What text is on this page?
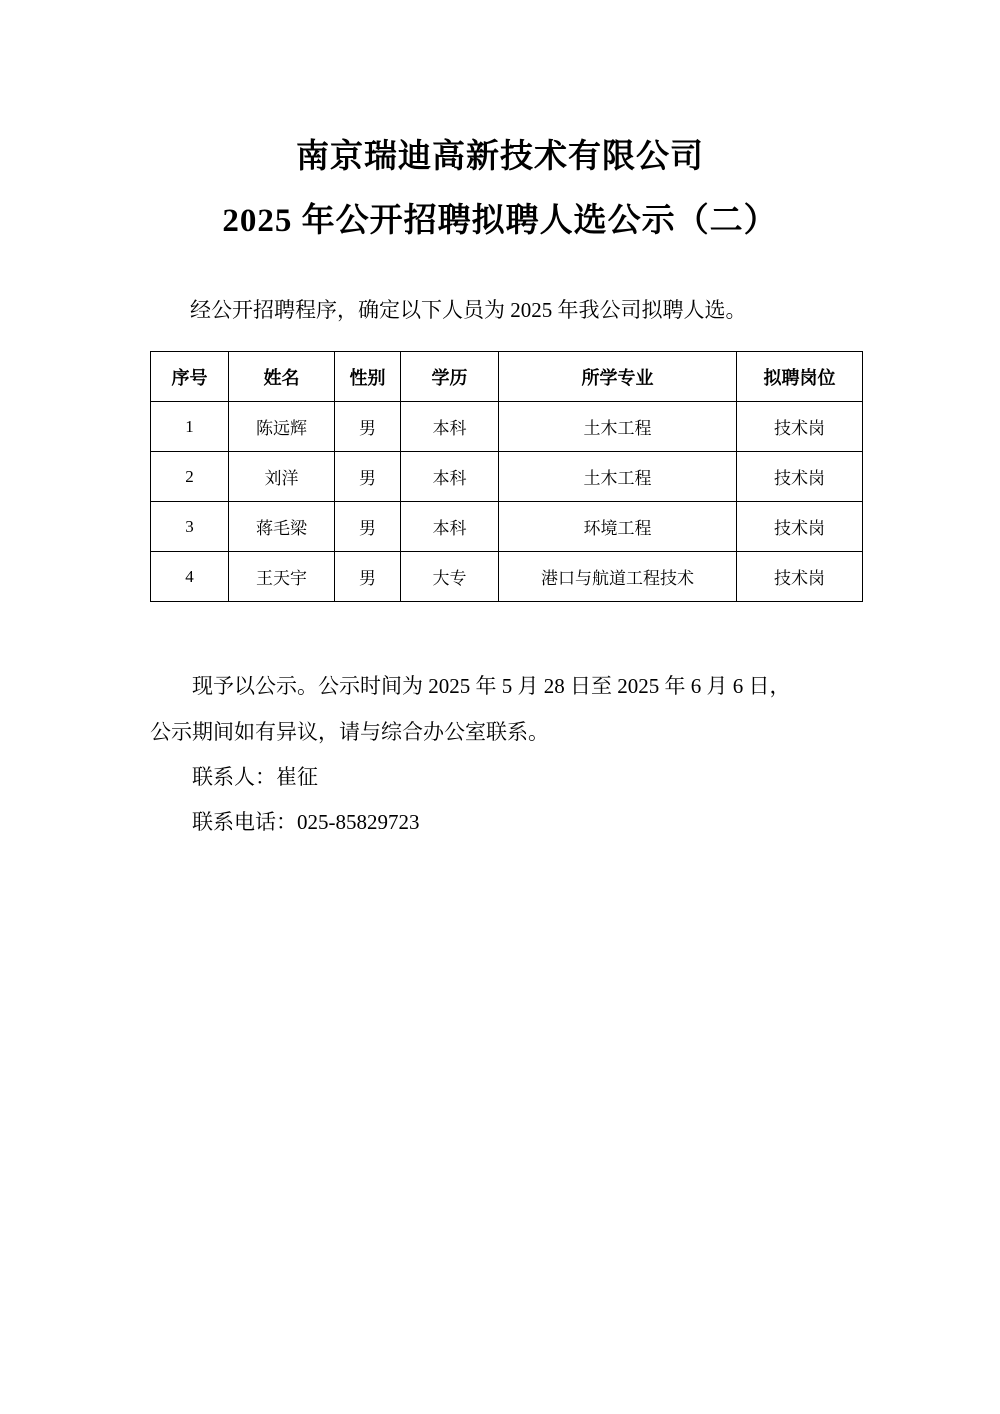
南京瑞迪高新技术有限公司
2025 年公开招聘拟聘人选公示（二）

经公开招聘程序，确定以下人员为 2025 年我公司拟聘人选。

序号	姓名	性别	学历	所学专业	拟聘岗位
1	陈远辉	男	本科	土木工程	技术岗
2	刘洋	男	本科	土木工程	技术岗
3	蒋毛梁	男	本科	环境工程	技术岗
4	王天宇	男	大专	港口与航道工程技术	技术岗
现予以公示。公示时间为 2025 年 5 月 28 日至 2025 年 6 月 6 日，
公示期间如有异议，请与综合办公室联系。
联系人：崔征
联系电话：025-85829723
